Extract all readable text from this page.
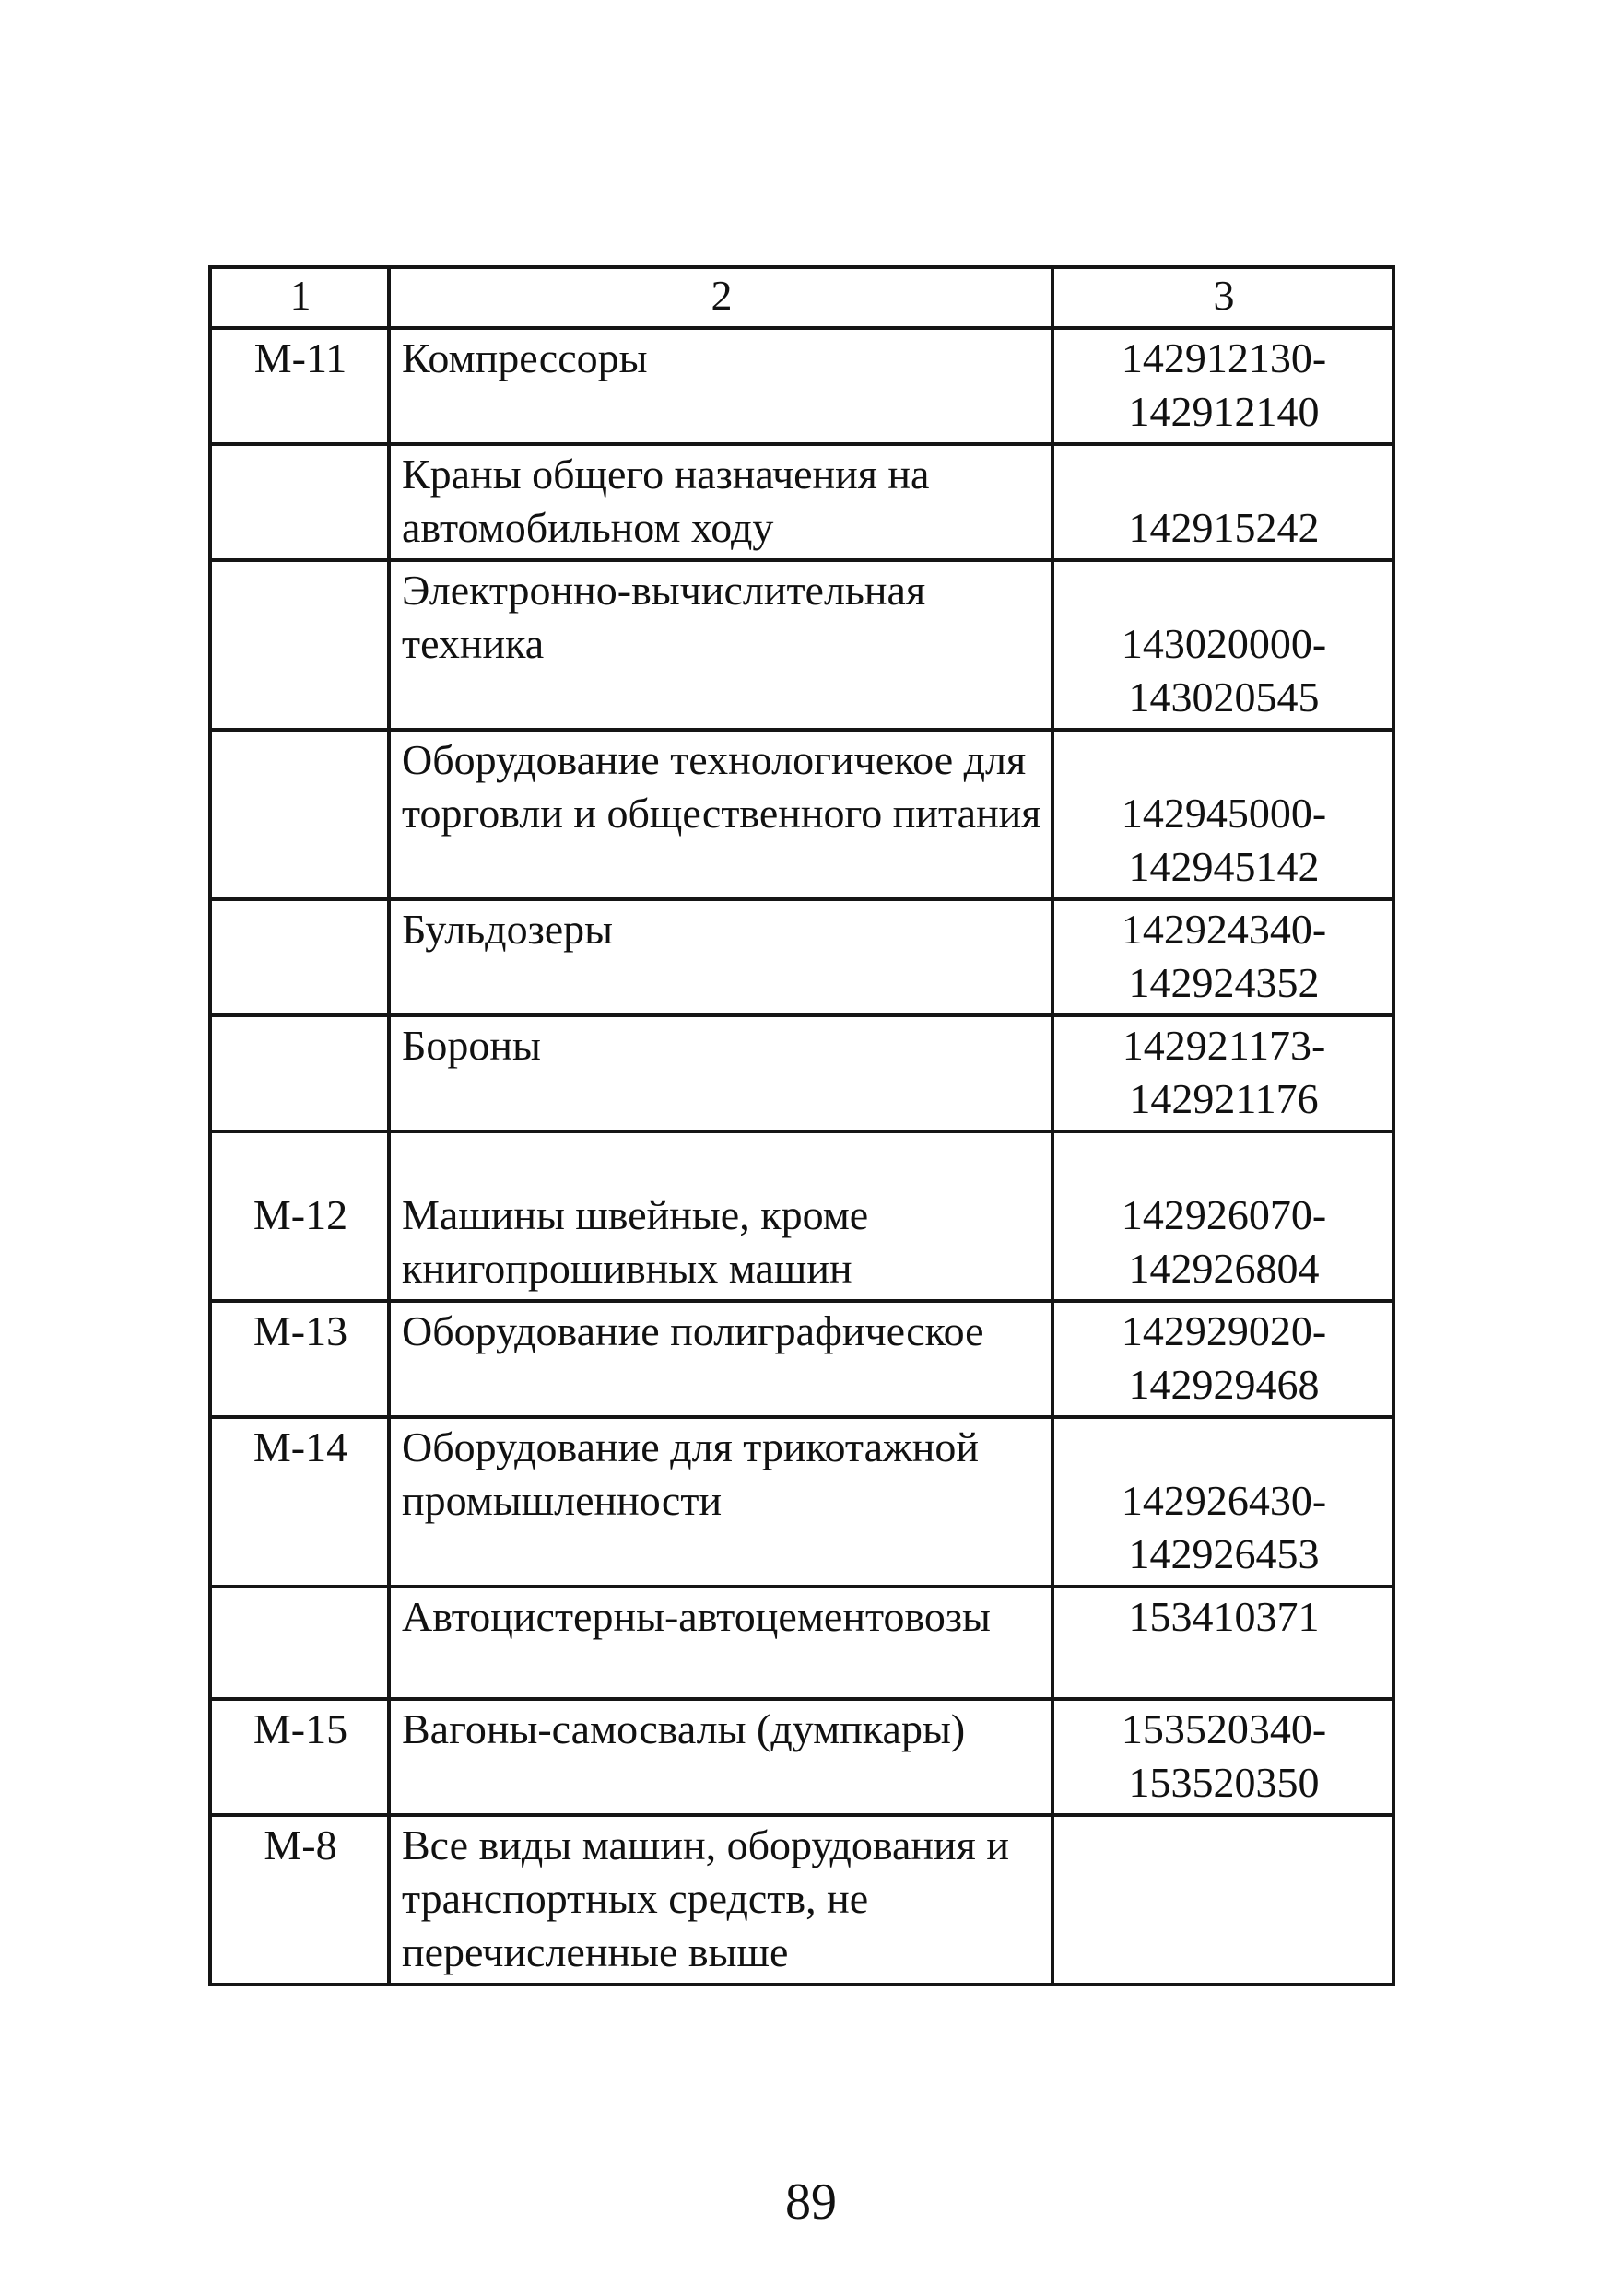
1	2	3
М-11	Компрессоры	142912130-
142912140

	Краны общего назначения на автомобильном ходу	142915242

	Электронно-вычислительная техника	143020000-
143020545

	Оборудование технологичекое для торговли и общественного питания	142945000-
142945142

	Бульдозеры	142924340-
142924352

	Бороны	142921173-
142921176

М-12	Машины швейные, кроме книгопрошивных машин	142926070-
142926804

М-13	Оборудование полиграфическое	142929020-
142929468

М-14	Оборудование для трикотажной промышленности	142926430-
142926453

	Автоцистерны-автоцементовозы	153410371

М-15	Вагоны-самосвалы (думпкары)	153520340-
153520350

М-8	Все виды машин, оборудования и транспортных средств, не перечисленные выше	

89
